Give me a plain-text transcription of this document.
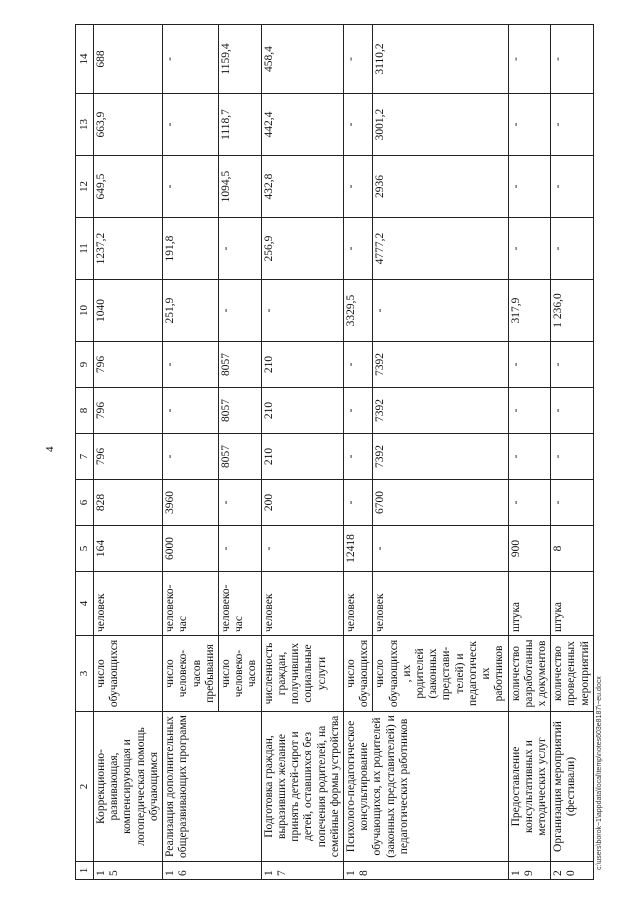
4
1	2	3	4	5	6	7	8	9	10	11	12	13	14
15	Коррекционно-развивающая, компенсирующая и логопедическая помощь обучающимся	число обучающихся	человек	164	828	796	796	796	1040	1237,2	649,5	663,9	688
16	Реализация дополнительных общеразвивающих программ	число человеко-часов пребывания	человеко-час	6000	3960	-	-	-	251,9	191,8	-	-	-
		число человеко-часов	человеко-час	-	-	8057	8057	8057	-	-	1094,5	1118,7	1159,4
17	Подготовка граждан, выразивших желание принять детей-сирот и детей, оставшихся без попечения родителей, на семейные формы устройства	численность граждан, получивших социальные услуги	человек	-	200	210	210	210	-	256,9	432,8	442,4	458,4
18	Психолого-педагогическое консультирование обучающихся, их родителей (законных представителей) и педагогических работников	число обучающихся	человек	12418	-	-	-	-	3329,5	-	-	-	-
		число обучающихся, их родителей (законных представи-телей) и педагогических работников	человек	-	6700	7392	7392	7392	-	4777,2	2936	3001,2	3110,2
19	Предоставление консультативных и методических услуг	количество разработанных документов	штука	900	-	-	-	-	317,9	-	-	-	-
20	Организация мероприятий (фестивали)	количество проведенных мероприятий	штука	8	-	-	-	-	1 236,0	-	-	-	-
c:\users\borok~1\appdata\local\temp\notes603e8187\~eu.docx
